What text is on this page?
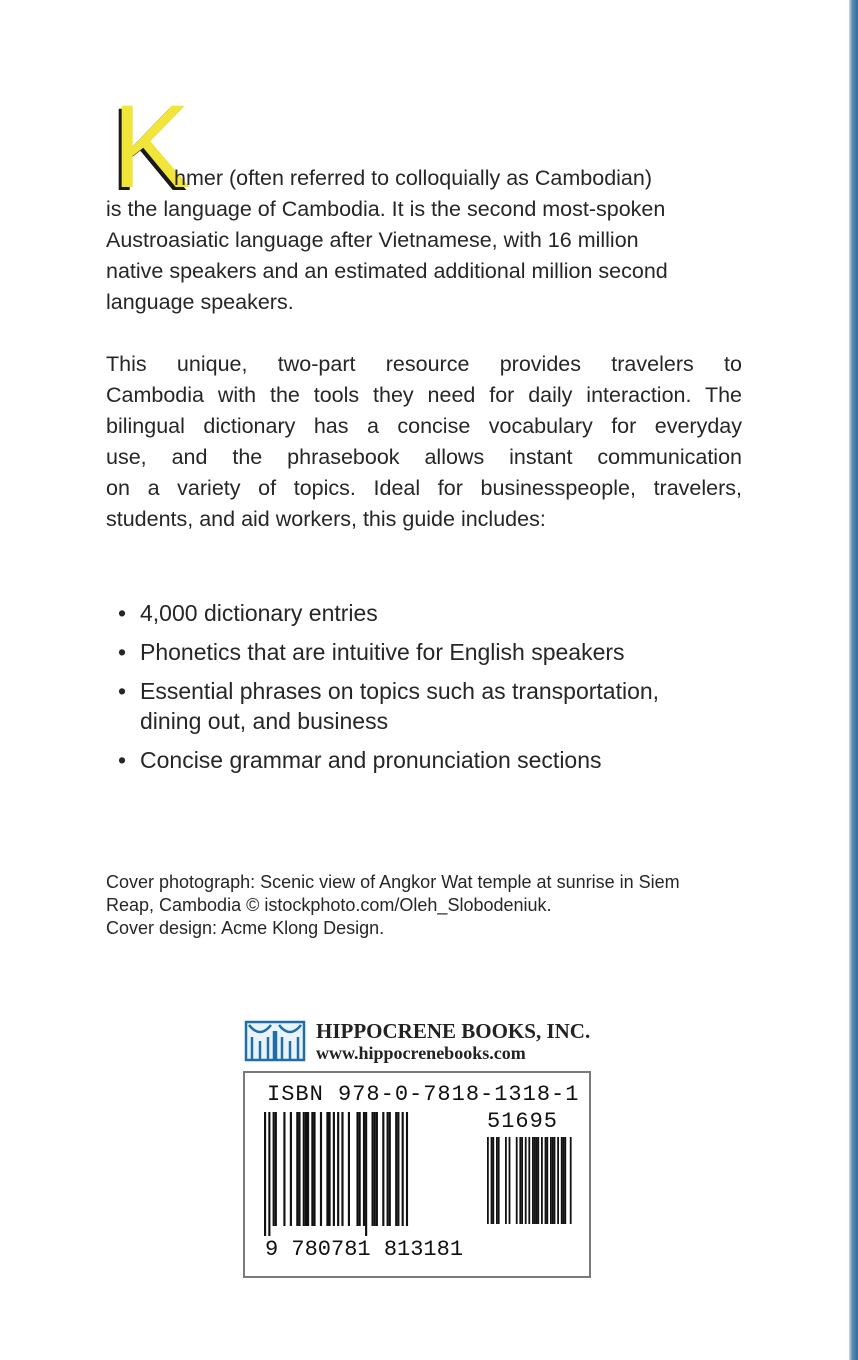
K
hmer (often referred to colloquially as Cambodian)
is the language of Cambodia. It is the second most-spoken
Austroasiatic language after Vietnamese, with 16 million
native speakers and an estimated additional million second
language speakers.
This unique, two-part resource provides travelers to
Cambodia with the tools they need for daily interaction. The
bilingual dictionary has a concise vocabulary for everyday
use, and the phrasebook allows instant communication
on a variety of topics. Ideal for businesspeople, travelers,
students, and aid workers, this guide includes:
• 4,000 dictionary entries
• Phonetics that are intuitive for English speakers
• Essential phrases on topics such as transportation,
dining out, and business
• Concise grammar and pronunciation sections
Cover photograph: Scenic view of Angkor Wat temple at sunrise in Siem
Reap, Cambodia © istockphoto.com/Oleh_Slobodeniuk.
Cover design: Acme Klong Design.
HIPPOCRENE BOOKS, INC.
www.hippocrenebooks.com
ISBN 978-0-7818-1318-1
51695
9 780781 813181
